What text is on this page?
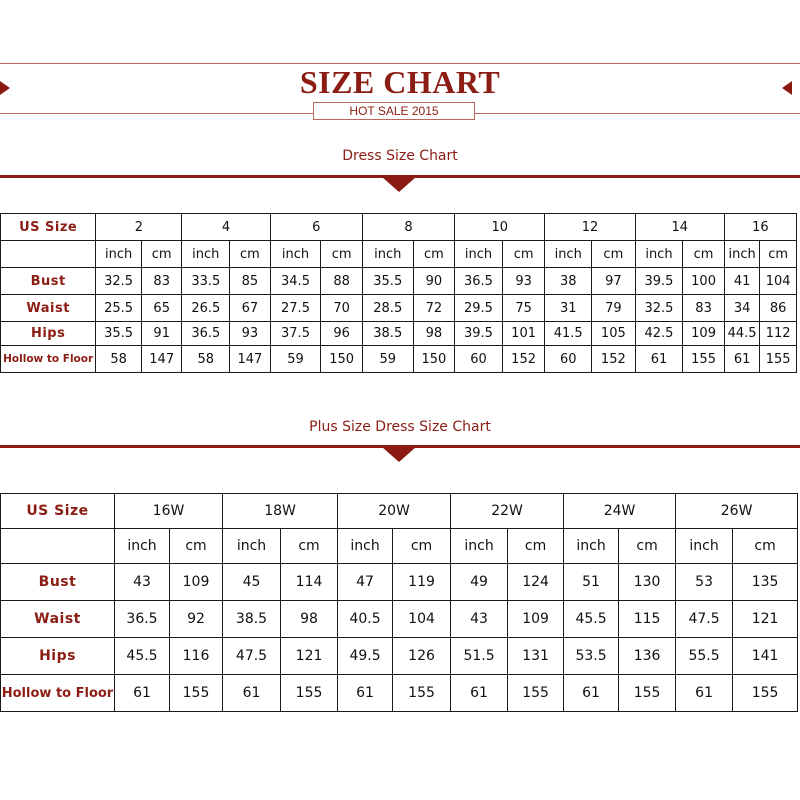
SIZE CHART
HOT SALE 2015
Dress Size Chart
US Size	2		4		6		8		10		12		14		16	
	inch	cm	inch	cm	inch	cm	inch	cm	inch	cm	inch	cm	inch	cm	inch	cm
Bust	32.5	83	33.5	85	34.5	88	35.5	90	36.5	93	38	97	39.5	100	41	104
Waist	25.5	65	26.5	67	27.5	70	28.5	72	29.5	75	31	79	32.5	83	34	86
Hips	35.5	91	36.5	93	37.5	96	38.5	98	39.5	101	41.5	105	42.5	109	44.5	112
Hollow to Floor	58	147	58	147	59	150	59	150	60	152	60	152	61	155	61	155
Plus Size Dress Size Chart
US Size	16W		18W		20W		22W		24W		26W	
	inch	cm	inch	cm	inch	cm	inch	cm	inch	cm	inch	cm
Bust	43	109	45	114	47	119	49	124	51	130	53	135
Waist	36.5	92	38.5	98	40.5	104	43	109	45.5	115	47.5	121
Hips	45.5	116	47.5	121	49.5	126	51.5	131	53.5	136	55.5	141
Hollow to Floor	61	155	61	155	61	155	61	155	61	155	61	155
